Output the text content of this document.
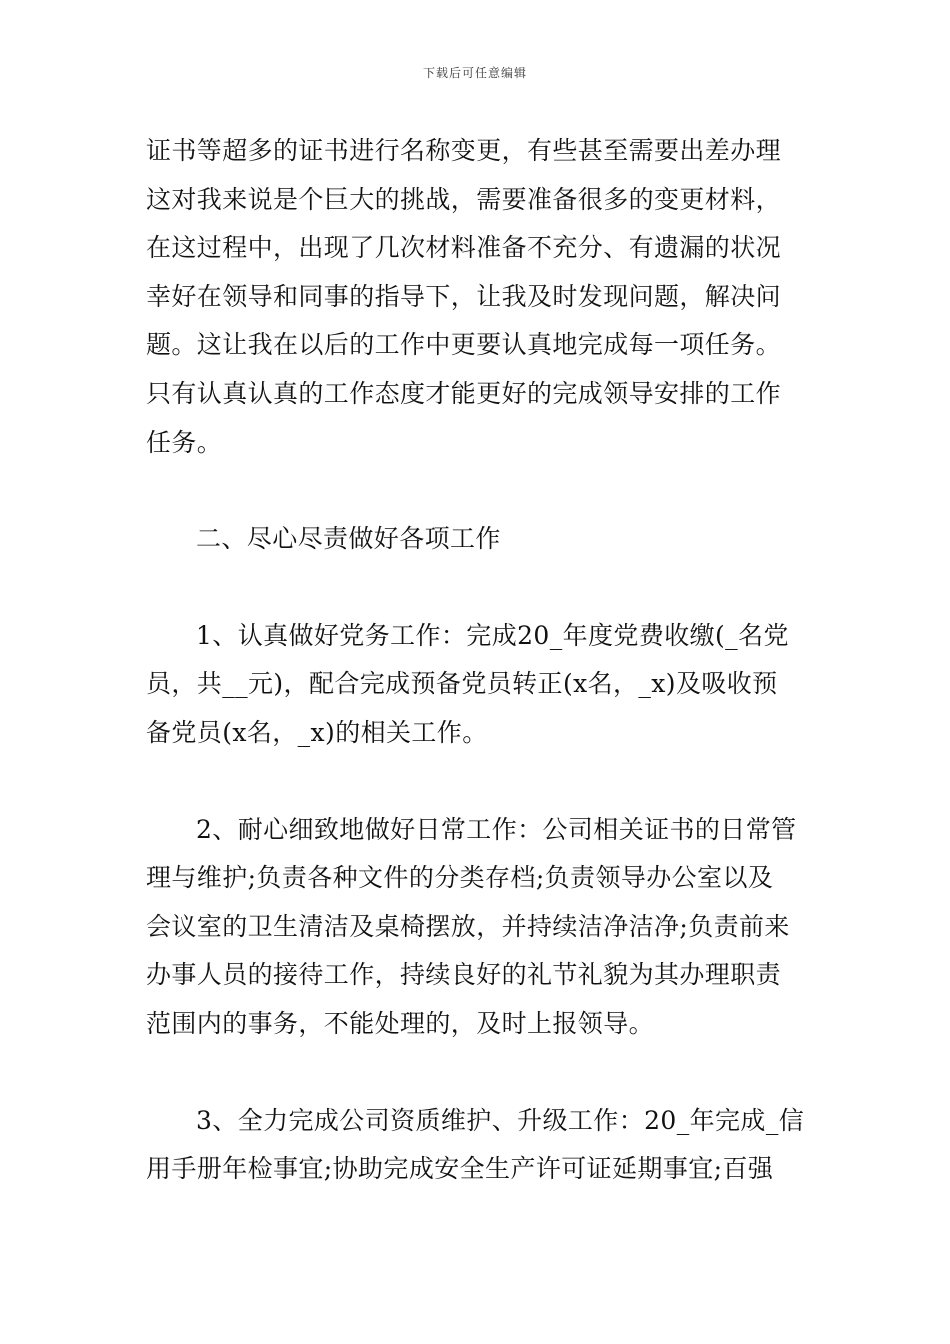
下载后可任意编辑

证书等超多的证书进行名称变更，有些甚至需要出差办理
这对我来说是个巨大的挑战，需要准备很多的变更材料，
在这过程中，出现了几次材料准备不充分、有遗漏的状况
幸好在领导和同事的指导下，让我及时发现问题，解决问
题。这让我在以后的工作中更要认真地完成每一项任务。
只有认真认真的工作态度才能更好的完成领导安排的工作
任务。

二、尽心尽责做好各项工作

1、认真做好党务工作：完成20_年度党费收缴(_名党
员，共__元)，配合完成预备党员转正(x名，_x)及吸收预
备党员(x名，_x)的相关工作。

2、耐心细致地做好日常工作：公司相关证书的日常管
理与维护;负责各种文件的分类存档;负责领导办公室以及
会议室的卫生清洁及桌椅摆放，并持续洁净洁净;负责前来
办事人员的接待工作，持续良好的礼节礼貌为其办理职责
范围内的事务，不能处理的，及时上报领导。

3、全力完成公司资质维护、升级工作：20_年完成_信
用手册年检事宜;协助完成安全生产许可证延期事宜;百强
